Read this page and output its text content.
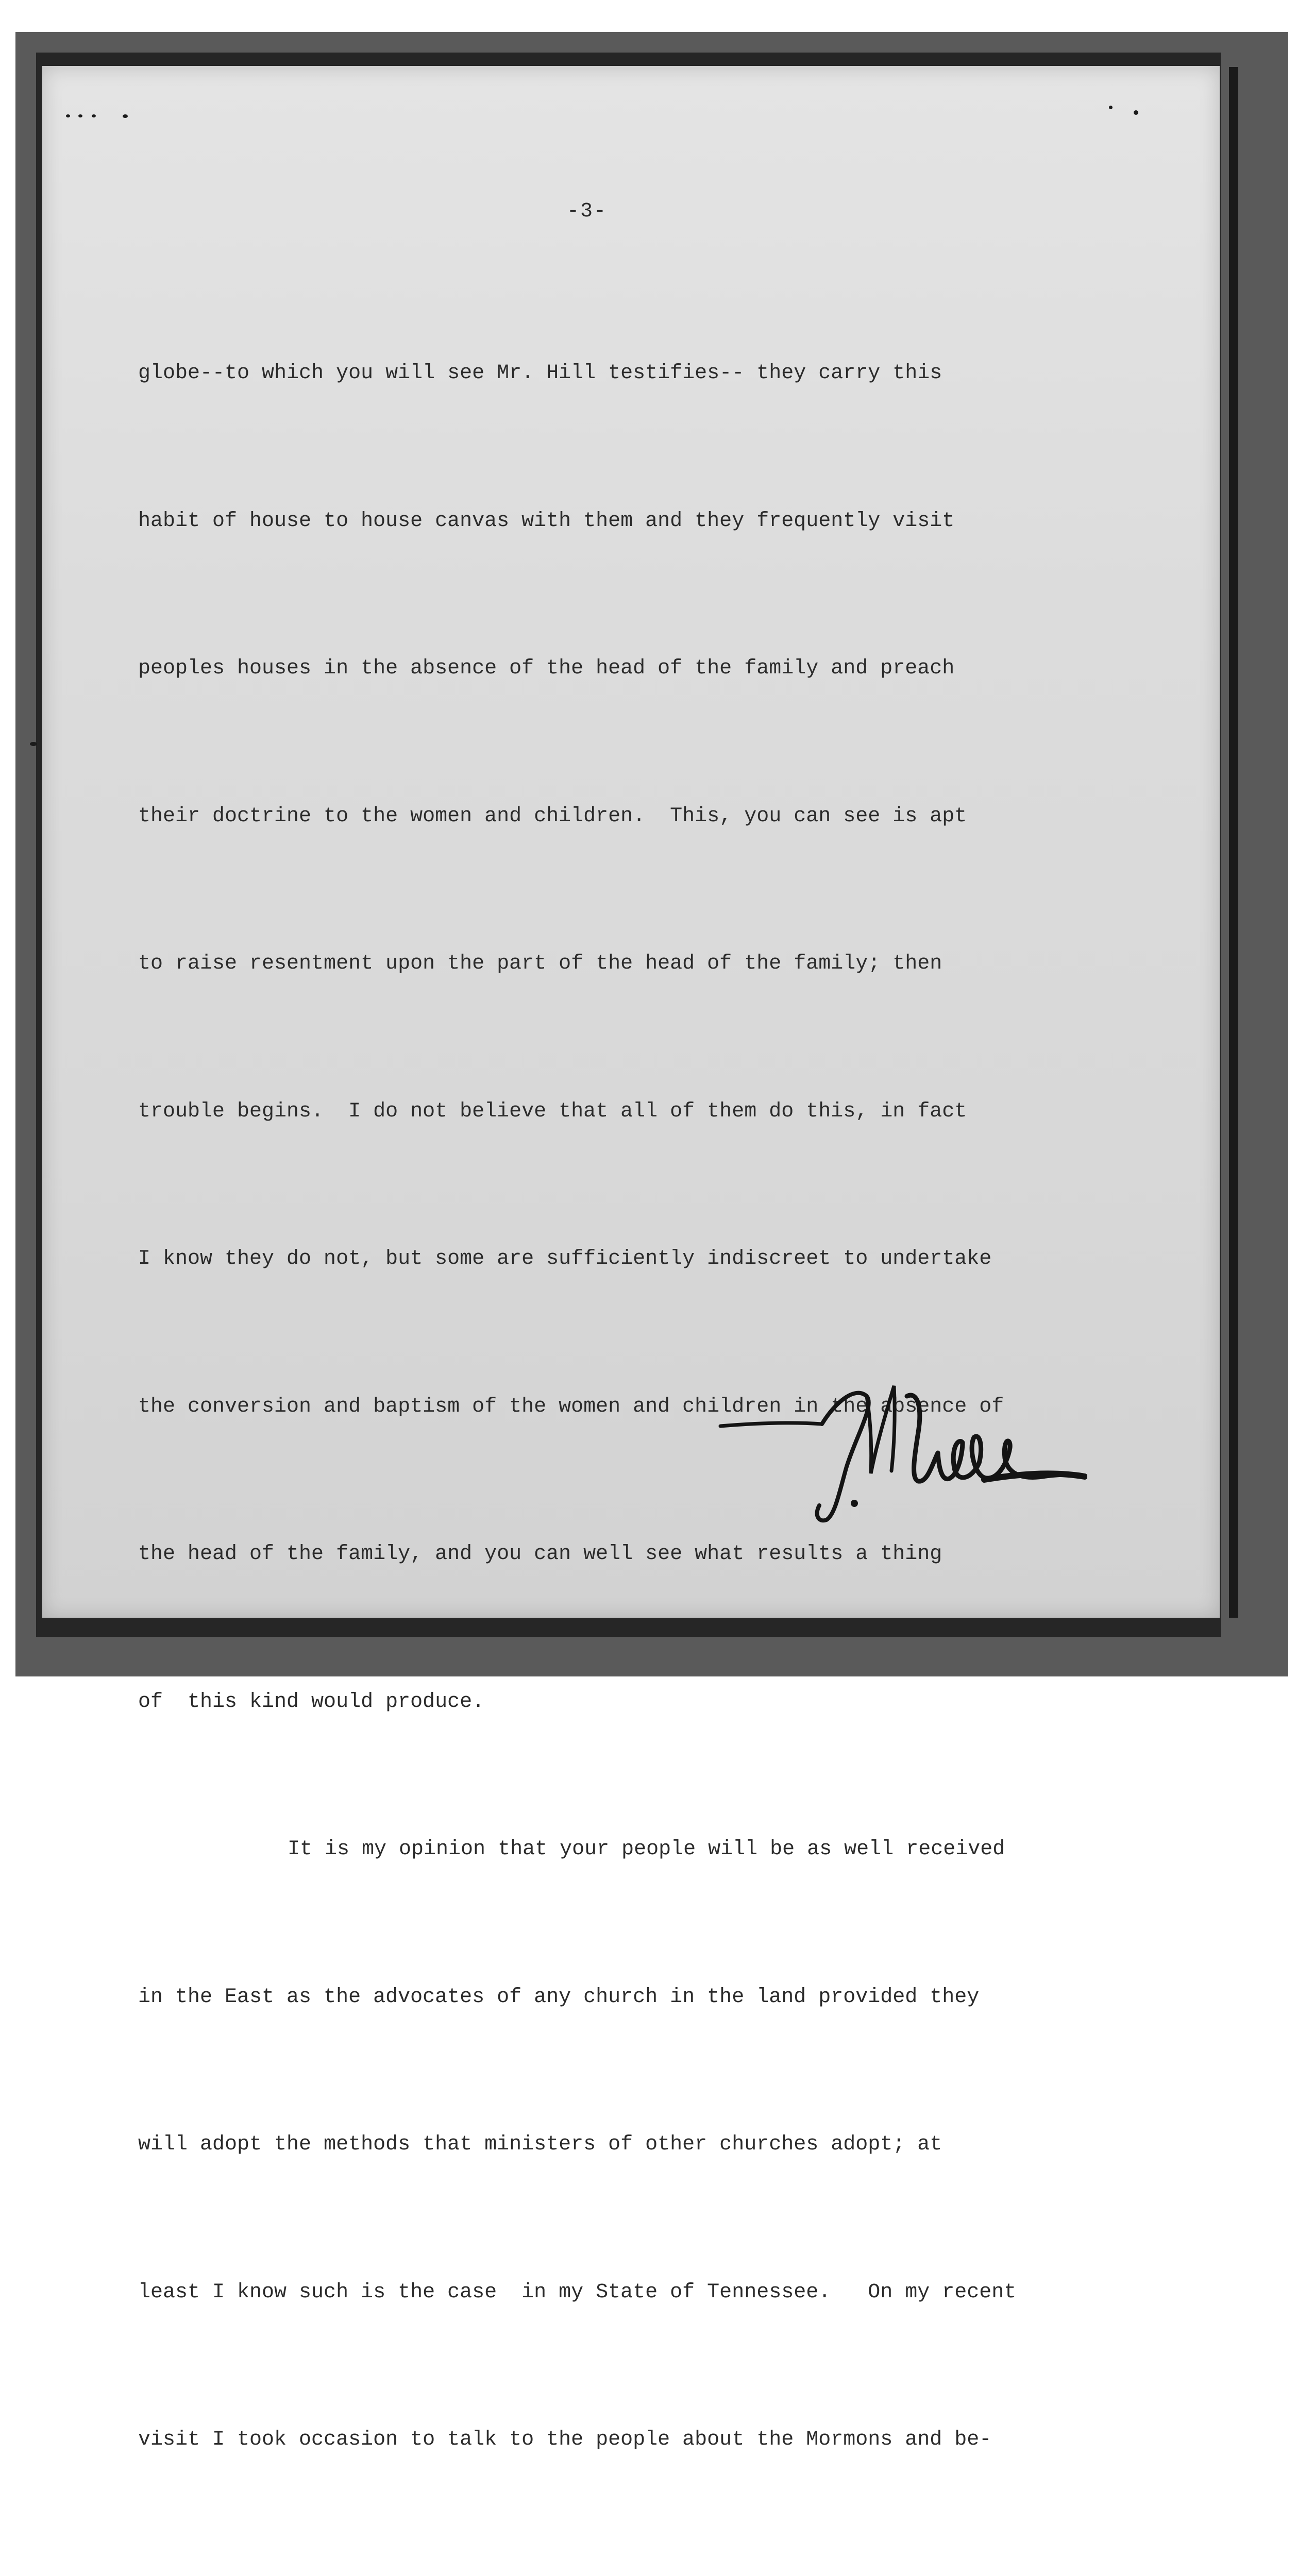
-3-

globe--to which you will see Mr. Hill testifies-- they carry this

habit of house to house canvas with them and they frequently visit

peoples houses in the absence of the head of the family and preach

their doctrine to the women and children.  This, you can see is apt

to raise resentment upon the part of the head of the family; then

trouble begins.  I do not believe that all of them do this, in fact

I know they do not, but some are sufficiently indiscreet to undertake

the conversion and baptism of the women and children in the absence of

the head of the family, and you can well see what results a thing

of  this kind would produce.

It is my opinion that your people will be as well received

in the East as the advocates of any church in the land provided they

will adopt the methods that ministers of other churches adopt; at

least I know such is the case  in my State of Tennessee.   On my recent

visit I took occasion to talk to the people about the Mormons and be-
